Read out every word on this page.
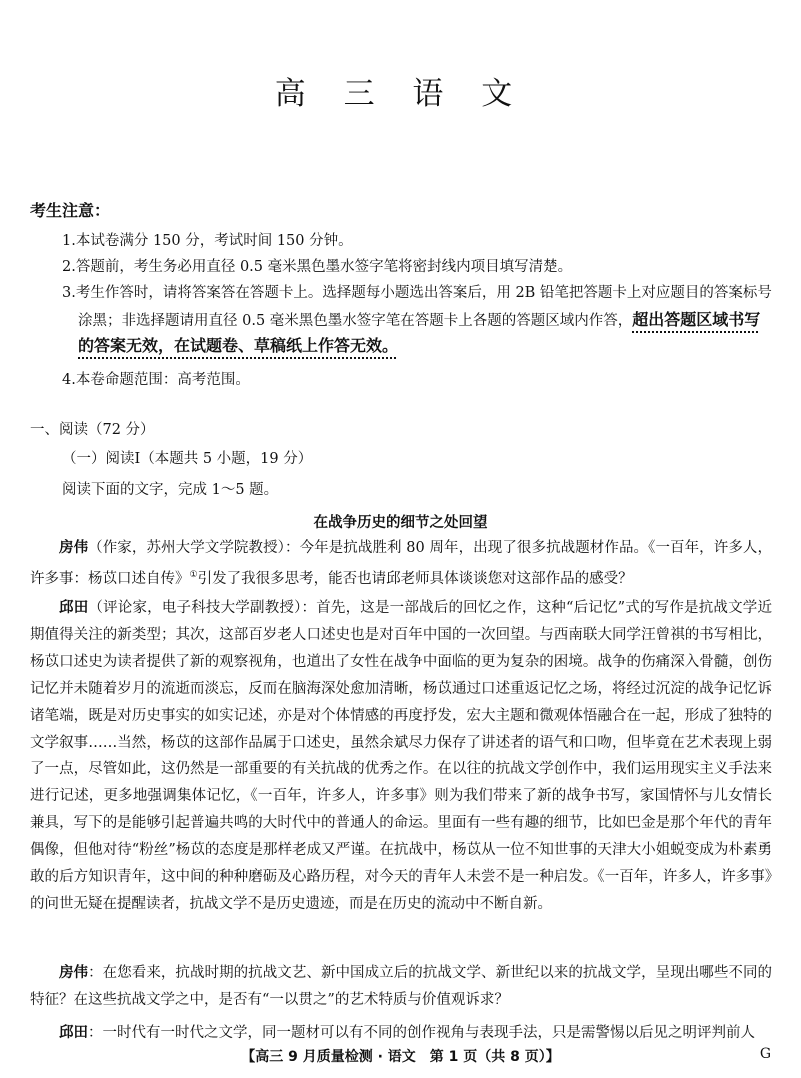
高 三 语 文
考生注意：
1.本试卷满分 150 分，考试时间 150 分钟。
2.答题前，考生务必用直径 0.5 毫米黑色墨水签字笔将密封线内项目填写清楚。
3.考生作答时，请将答案答在答题卡上。选择题每小题选出答案后，用 2B 铅笔把答题卡上对应题目的答案标号
涂黑；非选择题请用直径 0.5 毫米黑色墨水签字笔在答题卡上各题的答题区域内作答，超出答题区域书写
的答案无效，在试题卷、草稿纸上作答无效。
4.本卷命题范围：高考范围。
一、阅读（72 分）
（一）阅读Ⅰ（本题共 5 小题，19 分）
阅读下面的文字，完成 1～5 题。
在战争历史的细节之处回望
房伟（作家，苏州大学文学院教授）：今年是抗战胜利 80 周年，出现了很多抗战题材作品。《一百年，许多人，许多事：杨苡口述自传》①引发了我很多思考，能否也请邱老师具体谈谈您对这部作品的感受？
邱田（评论家，电子科技大学副教授）：首先，这是一部战后的回忆之作，这种“后记忆”式的写作是抗战文学近期值得关注的新类型；其次，这部百岁老人口述史也是对百年中国的一次回望。与西南联大同学汪曾祺的书写相比，杨苡口述史为读者提供了新的观察视角，也道出了女性在战争中面临的更为复杂的困境。战争的伤痛深入骨髓，创伤记忆并未随着岁月的流逝而淡忘，反而在脑海深处愈加清晰，杨苡通过口述重返记忆之场，将经过沉淀的战争记忆诉诸笔端，既是对历史事实的如实记述，亦是对个体情感的再度抒发，宏大主题和微观体悟融合在一起，形成了独特的文学叙事……当然，杨苡的这部作品属于口述史，虽然余斌尽力保存了讲述者的语气和口吻，但毕竟在艺术表现上弱了一点，尽管如此，这仍然是一部重要的有关抗战的优秀之作。在以往的抗战文学创作中，我们运用现实主义手法来进行记述，更多地强调集体记忆，《一百年，许多人，许多事》则为我们带来了新的战争书写，家国情怀与儿女情长兼具，写下的是能够引起普遍共鸣的大时代中的普通人的命运。里面有一些有趣的细节，比如巴金是那个年代的青年偶像，但他对待“粉丝”杨苡的态度是那样老成又严谨。在抗战中，杨苡从一位不知世事的天津大小姐蜕变成为朴素勇敢的后方知识青年，这中间的种种磨砺及心路历程，对今天的青年人未尝不是一种启发。《一百年，许多人，许多事》的问世无疑在提醒读者，抗战文学不是历史遗迹，而是在历史的流动中不断自新。
房伟：在您看来，抗战时期的抗战文艺、新中国成立后的抗战文学、新世纪以来的抗战文学，呈现出哪些不同的特征？在这些抗战文学之中，是否有“一以贯之”的艺术特质与价值观诉求？
邱田：一时代有一时代之文学，同一题材可以有不同的创作视角与表现手法，只是需警惕以后见之明评判前人
【高三 9 月质量检测 · 语文　第 1 页（共 8 页）】	G
